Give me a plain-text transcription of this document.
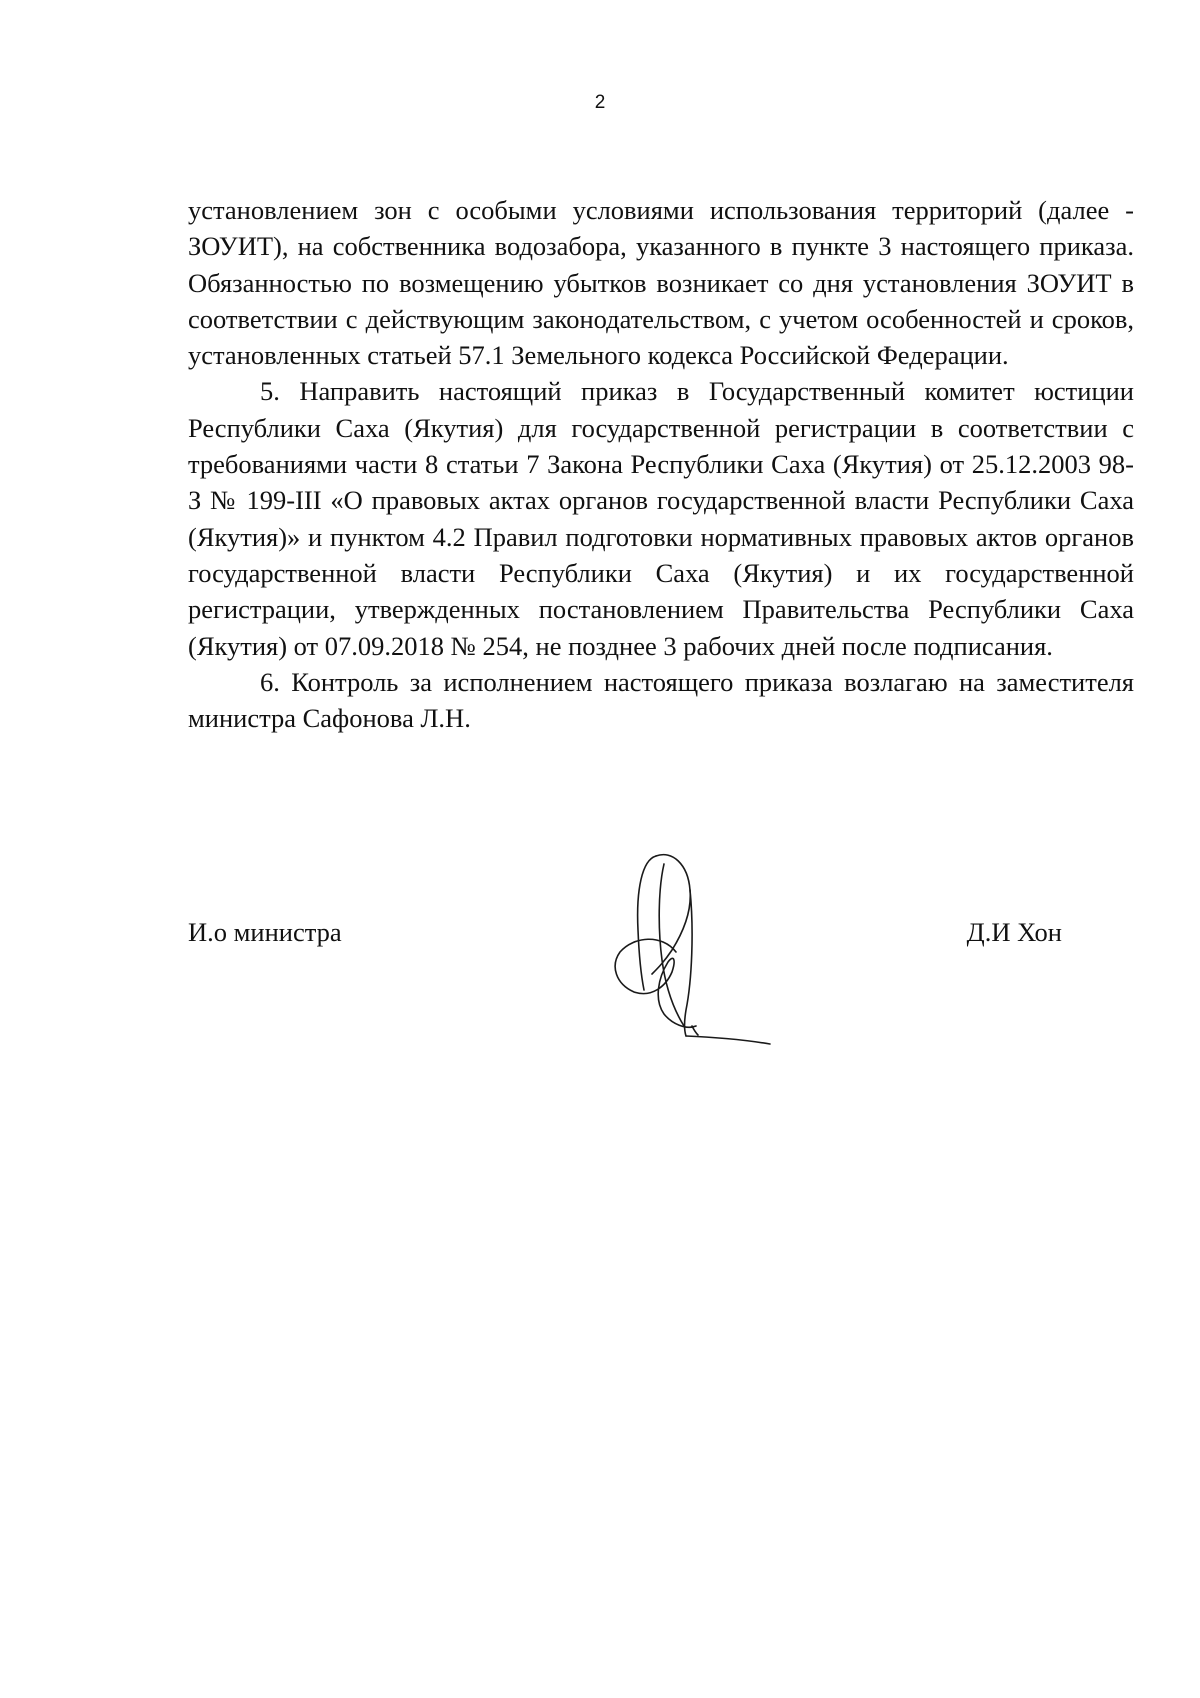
2

установлением зон с особыми условиями использования территорий (далее - ЗОУИТ), на собственника водозабора, указанного в пункте 3 настоящего приказа. Обязанностью по возмещению убытков возникает со дня установления ЗОУИТ в соответствии с действующим законодательством, с учетом особенностей и сроков, установленных статьей 57.1 Земельного кодекса Российской Федерации.

5. Направить настоящий приказ в Государственный комитет юстиции Республики Саха (Якутия) для государственной регистрации в соответствии с требованиями части 8 статьи 7 Закона Республики Саха (Якутия) от 25.12.2003 98-З № 199-III «О правовых актах органов государственной власти Республики Саха (Якутия)» и пунктом 4.2 Правил подготовки нормативных правовых актов органов государственной власти Республики Саха (Якутия) и их государственной регистрации, утвержденных постановлением Правительства Республики Саха (Якутия) от 07.09.2018 № 254, не позднее 3 рабочих дней после подписания.

6. Контроль за исполнением настоящего приказа возлагаю на заместителя министра Сафонова Л.Н.

И.о министра	Д.И Хон
